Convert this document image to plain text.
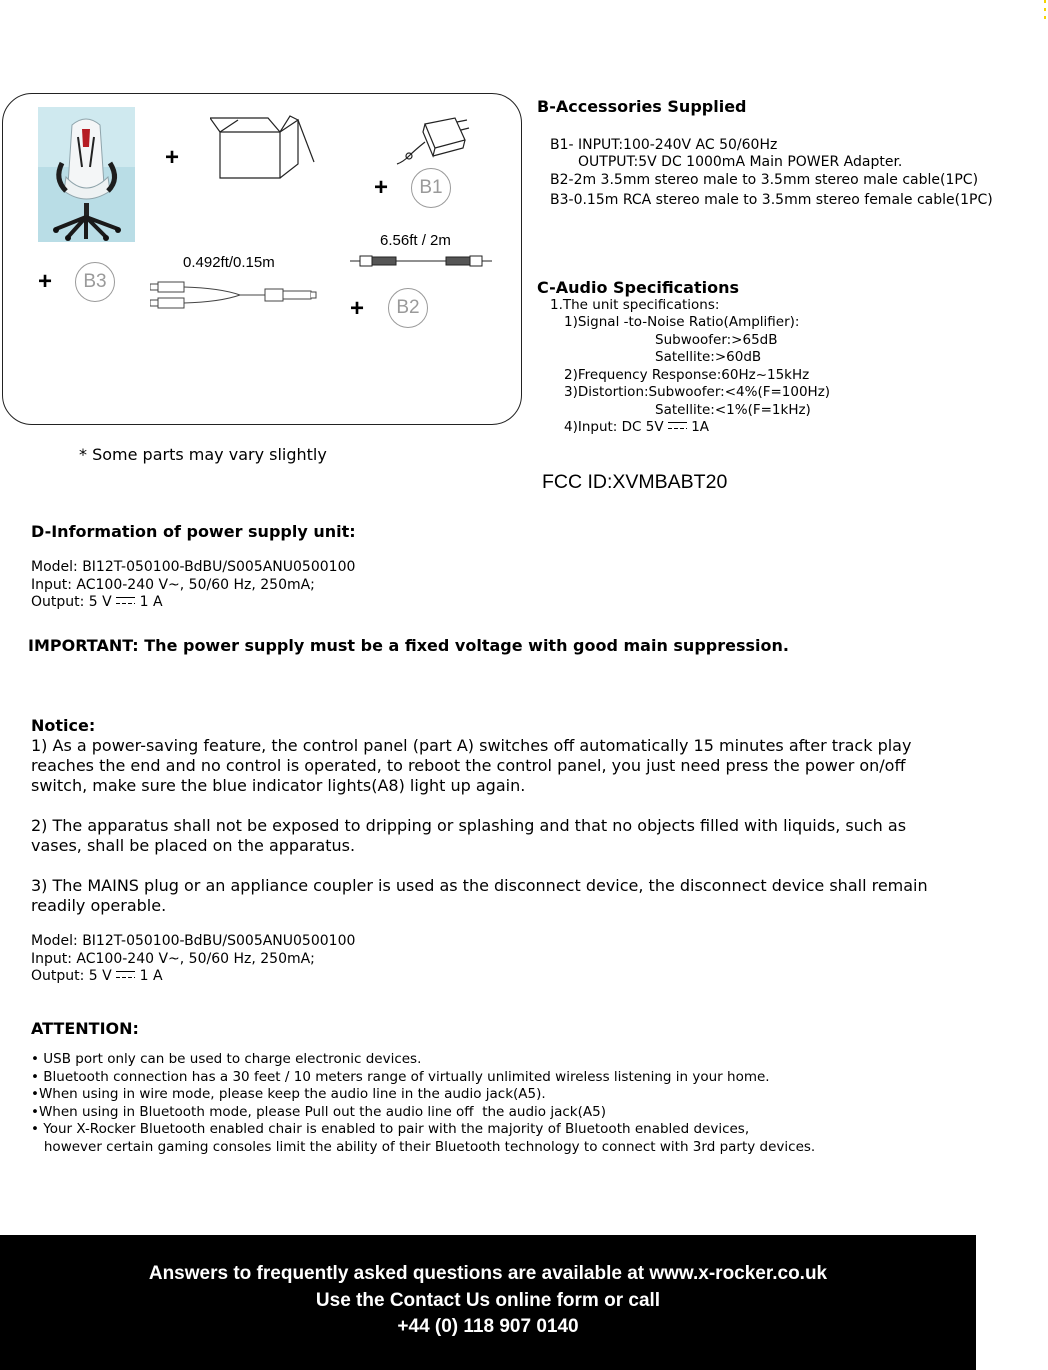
+
+	B1
6.56ft / 2m
+	B3
0.492ft/0.15m
+	B2
* Some parts may vary slightly
B-Accessories Supplied
B1- INPUT:100-240V AC 50/60Hz
OUTPUT:5V DC 1000mA Main POWER Adapter.
B2-2m 3.5mm stereo male to 3.5mm stereo male cable(1PC)
B3-0.15m RCA stereo male to 3.5mm stereo female cable(1PC)
C-Audio Specifications
1.The unit specifications:
1)Signal -to-Noise Ratio(Amplifier):
Subwoofer:>65dB
Satellite:>60dB
2)Frequency Response:60Hz~15kHz
3)Distortion:Subwoofer:<4%(F=100Hz)
Satellite:<1%(F=1kHz)
4)Input: DC 5V 1A
FCC ID:XVMBABT20
D-Information of power supply unit:
Model: BI12T-050100-BdBU/S005ANU0500100
Input: AC100-240 V~, 50/60 Hz, 250mA;
Output: 5 V 1 A
IMPORTANT: The power supply must be a fixed voltage with good main suppression.
Notice:
1) As a power-saving feature, the control panel (part A) switches off automatically 15 minutes after track play
reaches the end and no control is operated, to reboot the control panel, you just need press the power on/off
switch, make sure the blue indicator lights(A8) light up again.
2) The apparatus shall not be exposed to dripping or splashing and that no objects filled with liquids, such as
vases, shall be placed on the apparatus.
3) The MAINS plug or an appliance coupler is used as the disconnect device, the disconnect device shall remain
readily operable.
Model: BI12T-050100-BdBU/S005ANU0500100
Input: AC100-240 V~, 50/60 Hz, 250mA;
Output: 5 V 1 A
ATTENTION:
• USB port only can be used to charge electronic devices.
• Bluetooth connection has a 30 feet / 10 meters range of virtually unlimited wireless listening in your home.
•When using in wire mode, please keep the audio line in the audio jack(A5).
•When using in Bluetooth mode, please Pull out the audio line off  the audio jack(A5)
• Your X-Rocker Bluetooth enabled chair is enabled to pair with the majority of Bluetooth enabled devices,
however certain gaming consoles limit the ability of their Bluetooth technology to connect with 3rd party devices.
Answers to frequently asked questions are available at www.x-rocker.co.uk
Use the Contact Us online form or call
+44 (0) 118 907 0140
